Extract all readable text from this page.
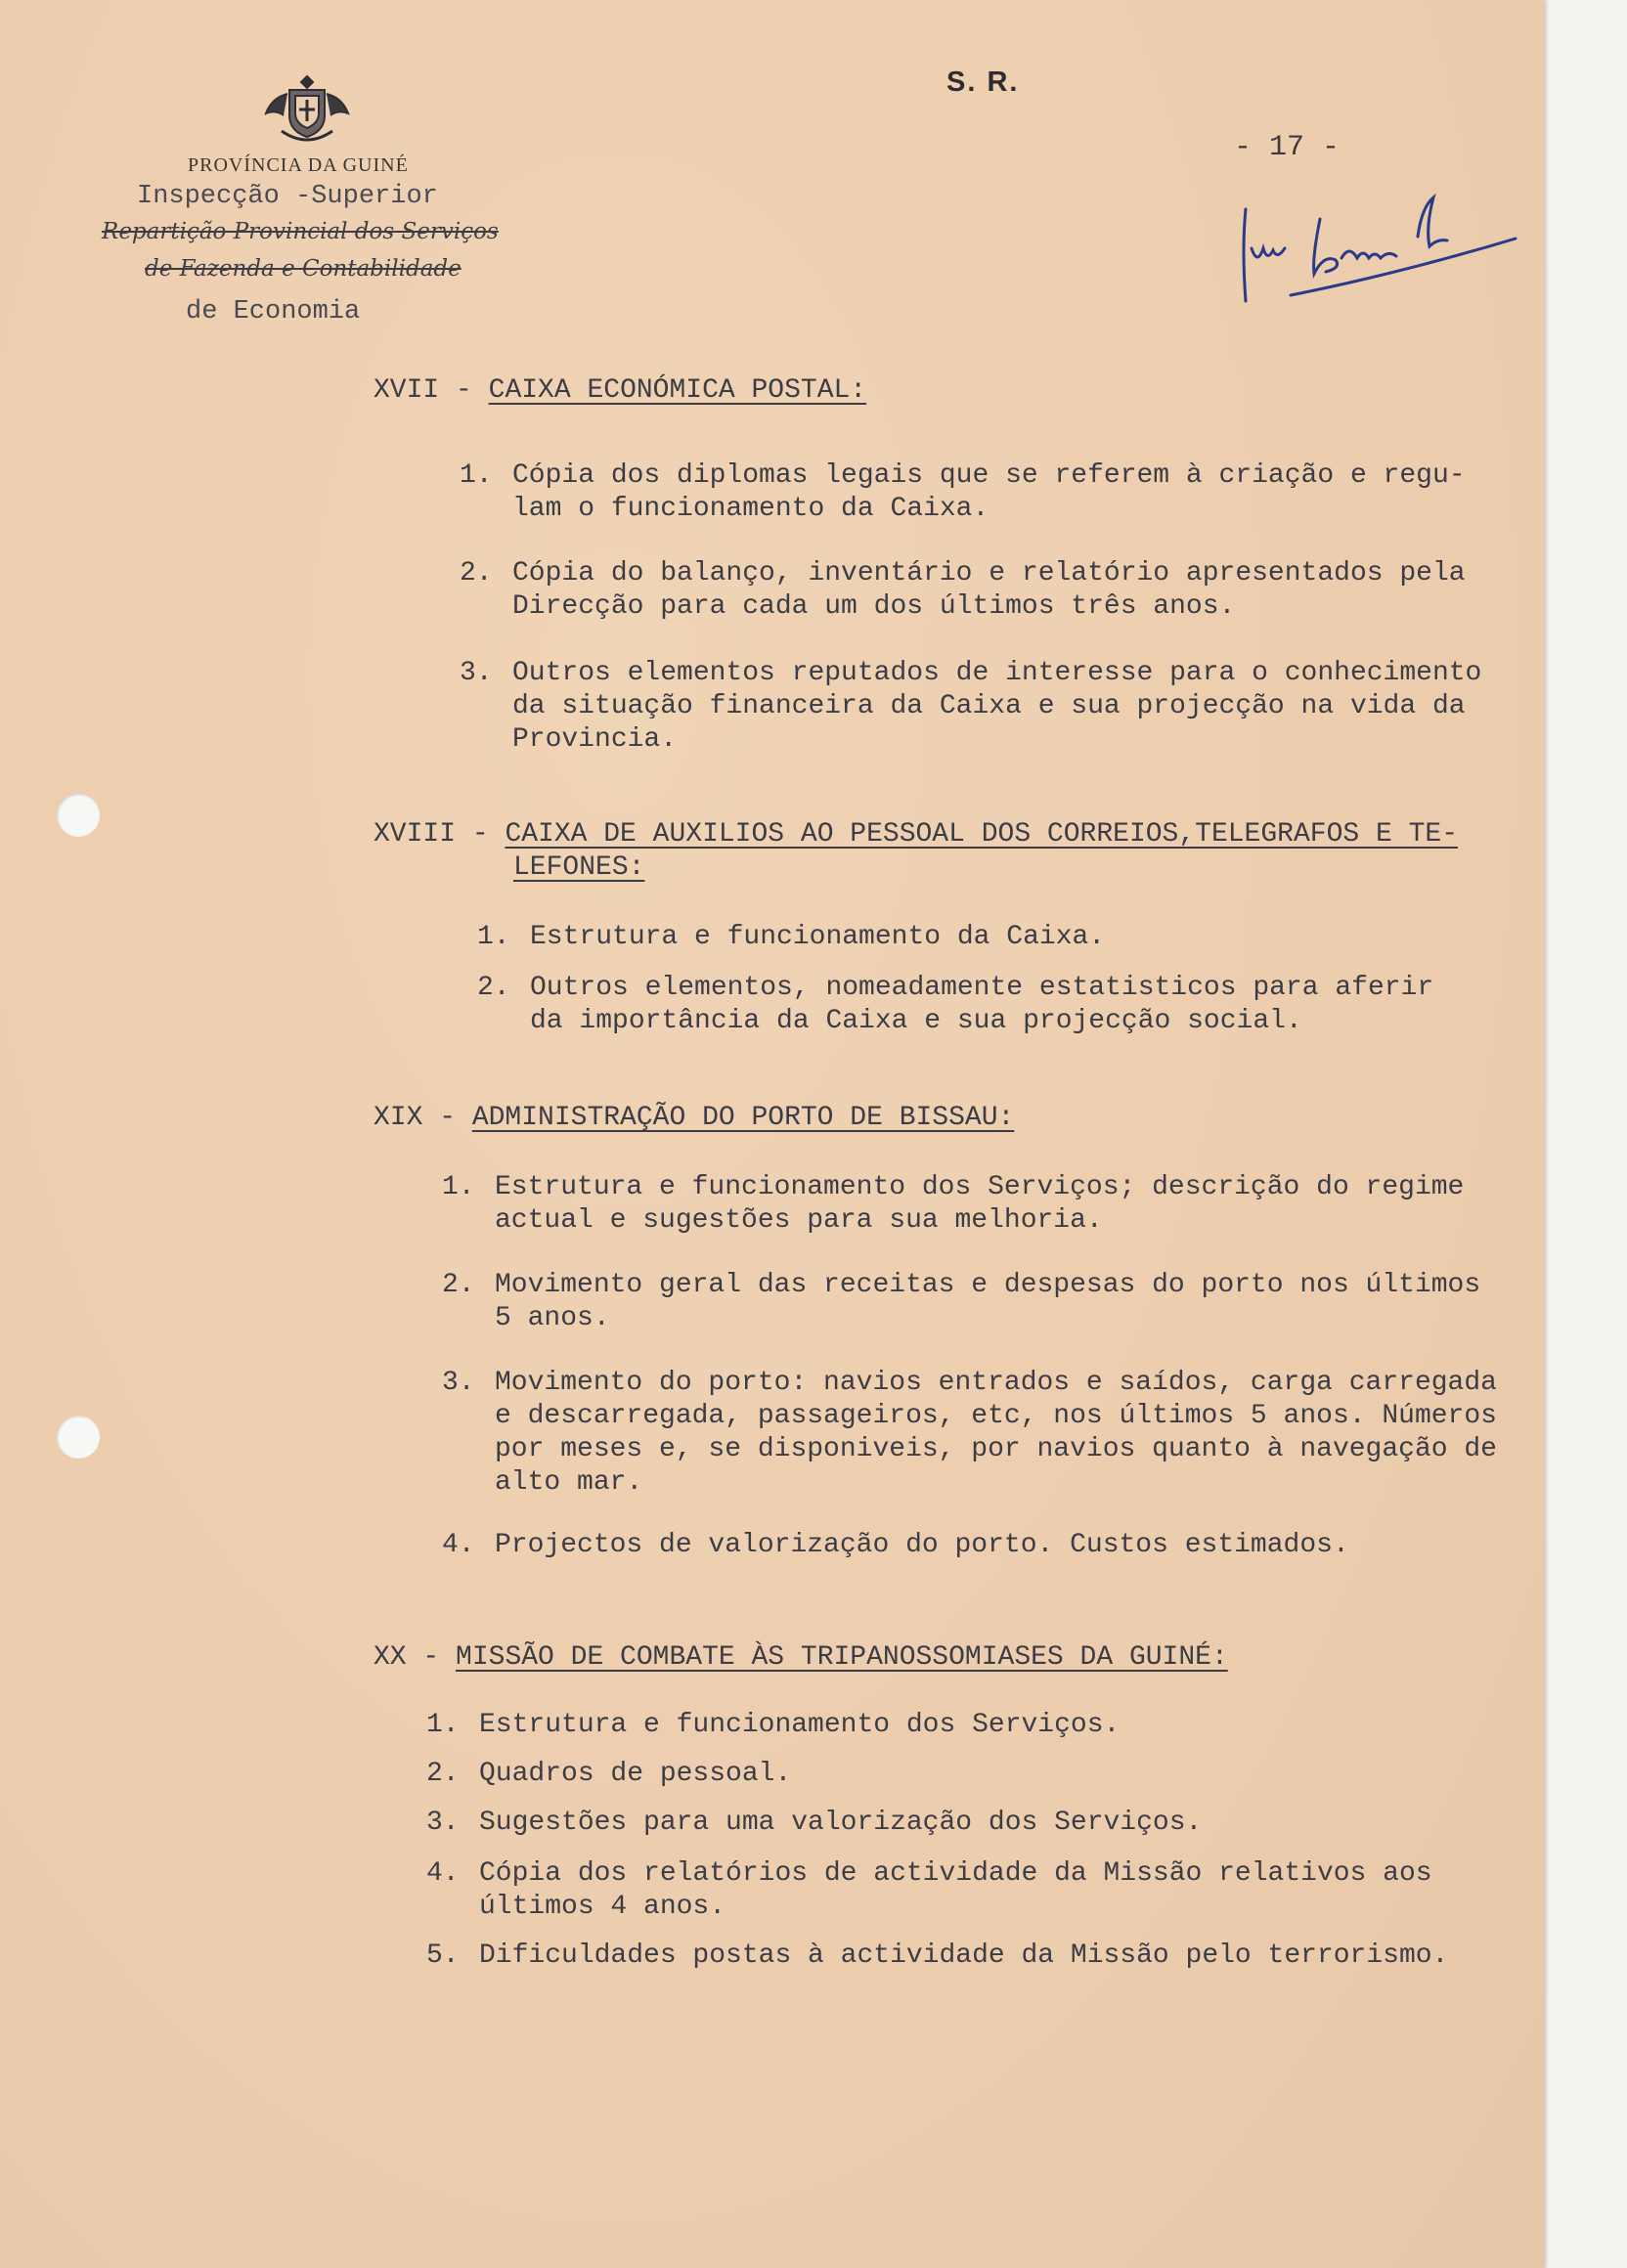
PROVÍNCIA DA GUINÉ
Inspecção -Superior
Repartição Provincial dos Serviços
de Fazenda e Contabilidade
de Economia
S. R.
- 17 -
XVII - CAIXA ECONÓMICA POSTAL:
1. Cópia dos diplomas legais que se referem à criação e regu-
lam o funcionamento da Caixa.
2. Cópia do balanço, inventário e relatório apresentados pela
Direcção para cada um dos últimos três anos.
3. Outros elementos reputados de interesse para o conhecimento
da situação financeira da Caixa e sua projecção na vida da
Provincia.
XVIII - CAIXA DE AUXILIOS AO PESSOAL DOS CORREIOS,TELEGRAFOS E TE-
LEFONES:
1. Estrutura e funcionamento da Caixa.
2. Outros elementos, nomeadamente estatisticos para aferir
da importância da Caixa e sua projecção social.
XIX - ADMINISTRAÇÃO DO PORTO DE BISSAU:
1. Estrutura e funcionamento dos Serviços; descrição do regime
actual e sugestões para sua melhoria.
2. Movimento geral das receitas e despesas do porto nos últimos
5 anos.
3. Movimento do porto: navios entrados e saídos, carga carregada
e descarregada, passageiros, etc, nos últimos 5 anos. Números
por meses e, se disponiveis, por navios quanto à navegação de
alto mar.
4. Projectos de valorização do porto. Custos estimados.
XX - MISSÃO DE COMBATE ÀS TRIPANOSSOMIASES DA GUINÉ:
1. Estrutura e funcionamento dos Serviços.
2. Quadros de pessoal.
3. Sugestões para uma valorização dos Serviços.
4. Cópia dos relatórios de actividade da Missão relativos aos
últimos 4 anos.
5. Dificuldades postas à actividade da Missão pelo terrorismo.
